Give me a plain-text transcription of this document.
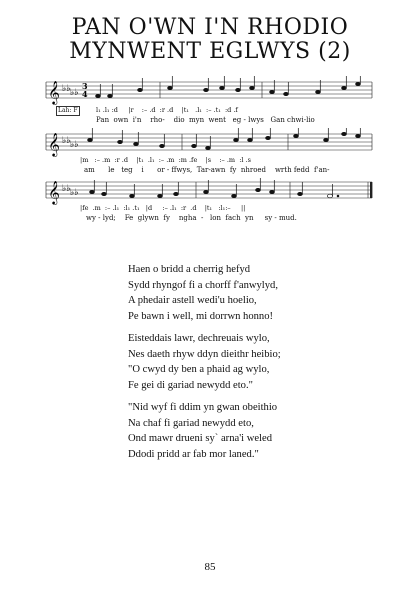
PAN O'WN I'N RHODIO
MYNWENT EGLWYS (2)
𝄞 ♭♭ ♭♭
3
4
Lah: F	l₁ .l₁ :d     |r    :– .d  :r .d    |t₁   .l₁  :– .t₁  :d .f
Pan  own  i'n    rho-    dio  myn  went   eg - lwys   Gan chwi-lio
𝄞 ♭♭ ♭♭
|m   :– .m  :r .d    |t₁  .l₁  :– .m  :m .fe    |s    :– .m  :l .s
am      le   teg    i      or - ffwys,  Tar-awn  fy  nhroed    wrth fedd  f'an-
𝄞 ♭♭ ♭♭
|fe  .m  :– .l₁  :l₁ .t₁   |d     :– .l₁  :r  .d    |t₁   :l₁:–     ||
wy - lyd;    Fe  glywn  fy    ngha  -   lon  fach  yn     sy - mud.

Haen o bridd a cherrig hefyd

Sydd rhyngof fi a chorff f'anwylyd,

A phedair astell wedi'u hoelio,

Pe bawn i well, mi dorrwn honno!

Eisteddais lawr, dechreuais wylo,

Nes daeth rhyw ddyn dieithr heibio;

"O cwyd dy ben a phaid ag wylo,

Fe gei di gariad newydd eto."

"Nid wyf fi ddim yn gwan obeithio

Na chaf fi gariad newydd eto,

Ond mawr drueni sy` arna'i weled

Ddodi pridd ar fab mor laned."

85
